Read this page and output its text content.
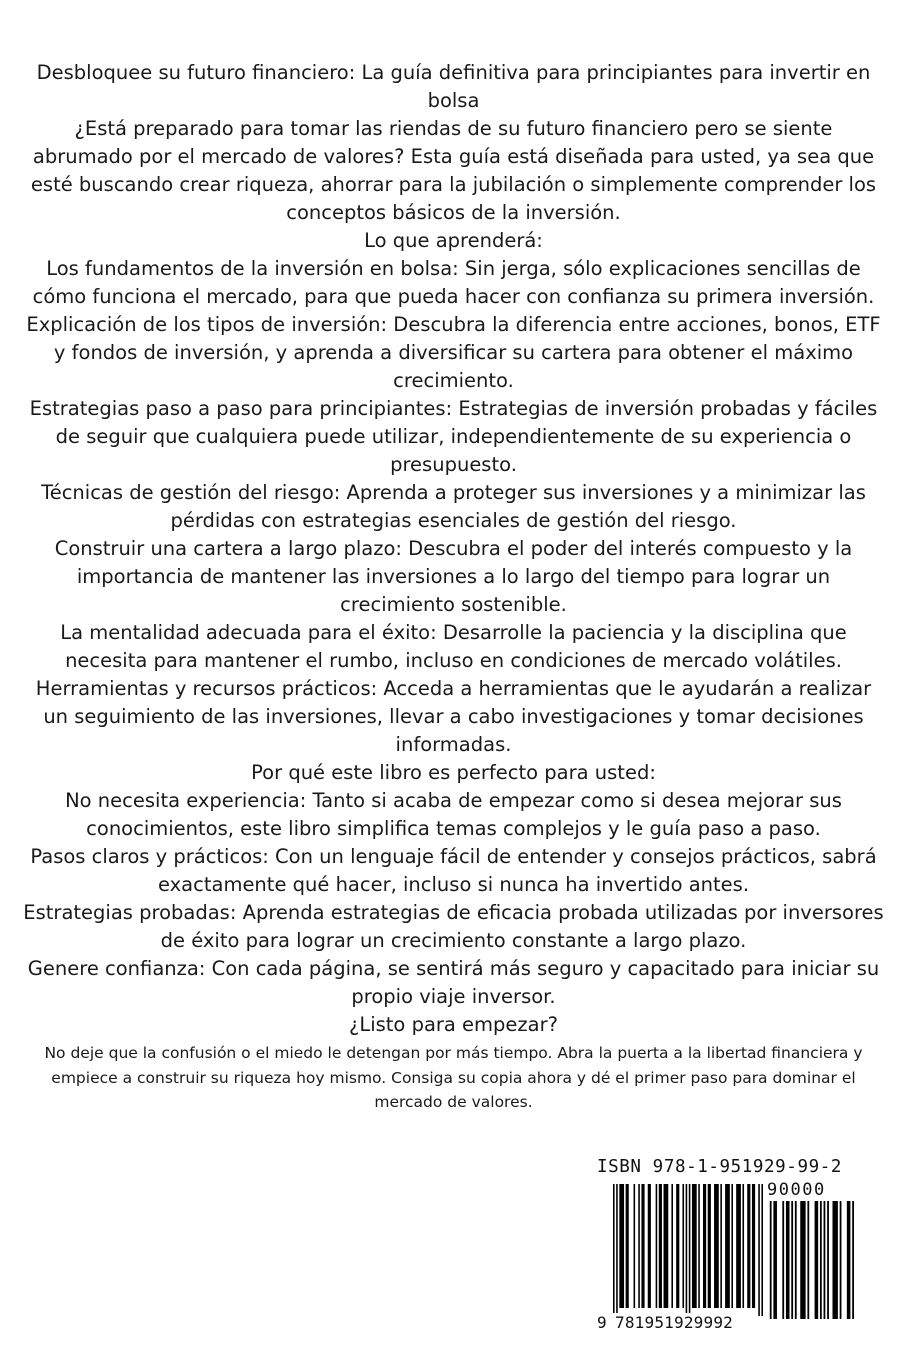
Desbloquee su futuro financiero: La guía definitiva para principiantes para invertir en bolsa

¿Está preparado para tomar las riendas de su futuro financiero pero se siente abrumado por el mercado de valores? Esta guía está diseñada para usted, ya sea que esté buscando crear riqueza, ahorrar para la jubilación o simplemente comprender los conceptos básicos de la inversión.

Lo que aprenderá:

Los fundamentos de la inversión en bolsa: Sin jerga, sólo explicaciones sencillas de cómo funciona el mercado, para que pueda hacer con confianza su primera inversión.

Explicación de los tipos de inversión: Descubra la diferencia entre acciones, bonos, ETF y fondos de inversión, y aprenda a diversificar su cartera para obtener el máximo crecimiento.

Estrategias paso a paso para principiantes: Estrategias de inversión probadas y fáciles de seguir que cualquiera puede utilizar, independientemente de su experiencia o presupuesto.

Técnicas de gestión del riesgo: Aprenda a proteger sus inversiones y a minimizar las pérdidas con estrategias esenciales de gestión del riesgo.

Construir una cartera a largo plazo: Descubra el poder del interés compuesto y la importancia de mantener las inversiones a lo largo del tiempo para lograr un crecimiento sostenible.

La mentalidad adecuada para el éxito: Desarrolle la paciencia y la disciplina que necesita para mantener el rumbo, incluso en condiciones de mercado volátiles.

Herramientas y recursos prácticos: Acceda a herramientas que le ayudarán a realizar un seguimiento de las inversiones, llevar a cabo investigaciones y tomar decisiones informadas.

Por qué este libro es perfecto para usted:

No necesita experiencia: Tanto si acaba de empezar como si desea mejorar sus conocimientos, este libro simplifica temas complejos y le guía paso a paso.

Pasos claros y prácticos: Con un lenguaje fácil de entender y consejos prácticos, sabrá exactamente qué hacer, incluso si nunca ha invertido antes.

Estrategias probadas: Aprenda estrategias de eficacia probada utilizadas por inversores de éxito para lograr un crecimiento constante a largo plazo.

Genere confianza: Con cada página, se sentirá más seguro y capacitado para iniciar su propio viaje inversor.

¿Listo para empezar?

No deje que la confusión o el miedo le detengan por más tiempo. Abra la puerta a la libertad financiera y empiece a construir su riqueza hoy mismo. Consiga su copia ahora y dé el primer paso para dominar el mercado de valores.

ISBN 978-1-951929-99-2
90000
9 781951929992
